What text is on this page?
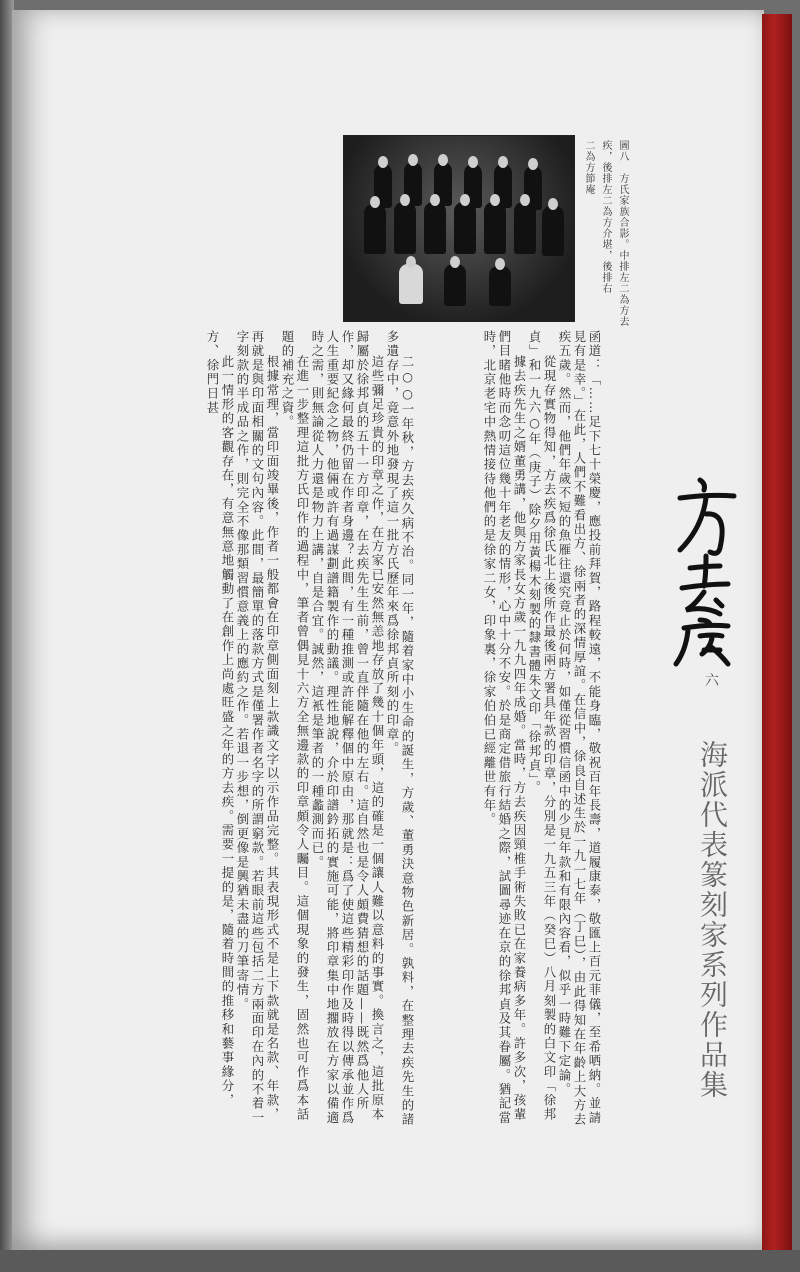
圖八　方氏家族合影。中排左二為方去
疾，後排左二為方介堪，後排右
二為方節庵

函道：「……足下七十榮慶，應投前拜賀，路程較遠，不能身臨，敬祝百年長壽，道履康泰，敬匯上百元菲儀，至希哂納。並請見有是幸。」在此，人們不難看出方、徐兩者的深情厚誼。在信中，徐良自述生於一九一七年（丁巳），由此得知在年齡上大方去疾五歲。然而，他們年歲不短的魚雁往還究竟止於何時，如僅從習慣信函中的少見年款和有限內容看，似乎一時難下定論。

從現存實物得知，方去疾爲徐氏北上後所作最後兩方署具年款的印章，分別是一九五三年（癸巳）八月刻製的白文印「徐邦貞」和一九六○年（庚子）除夕用黃楊木刻製的隸書體朱文印「徐邦貞」。

據去疾先生之婿董勇講，他與方家長女方歲一九九四年成婚。當時，方去疾因頸椎手術失敗已在家養病多年。許多次，孩輩們目睹他時而念叨這位幾十年老友的情形，心中十分不安。於是商定借旅行結婚之際，試圖尋迹在京的徐邦貞及其眷屬。猶記當時，北京老宅中熱情接待他們的是徐家二女，印象裏，徐家伯伯已經離世有年。

二○○一年秋，方去疾久病不治。同一年，隨着家中小生命的誕生，方歲、董勇決意物色新居。孰料，在整理去疾先生的諸多遺存中，竟意外地發現了這一批方氏歷年來爲徐邦貞所刻的印章。

這些彌足珍貴的印章之作，在方家已安然無恙地存放了幾十個年頭，這的確是一個讓人難以意料的事實。換言之，這批原本歸屬於徐邦貞的五十一方印章，在去疾先生生前，曾一直伴隨在他的左右。這自然也是令人頗費猜想的話題——既然爲他人所作，却又緣何最終仍留在作者身邊？此間，有一種推測或許能解釋個中原由，那就是：爲了使這些精彩印作及時得以傳承並作爲人生重要紀念之物，他倆或許有過謀劃譜籍製作的動議。理性地說，介於印譜鈐拓的實施可能，將印章集中地擱放在方家以備適時之需，則無論從人力還是物力上講，自是合宜。誠然，這衹是筆者的一種蠡測而已。

在進一步整理這批方氏印作的過程中，筆者曾偶見十六方全無邊款的印章頗令人矚目。這個現象的發生，固然也可作爲本話題的補充之資。

根據常理，當印面竣畢後，作者一般都會在印章側面刻上款識文字以示作品完整。其表現形式不是上下款就是名款、年款，再就是與印面相關的文句內容。此間，最簡單的落款方式是僅署作者名字的所謂窮款。若眼前這些包括二方兩面印在內的不着一字刻款的半成品之作，則完全不像那類習慣意義上的應約之作。若退一步想，倒更像是興猶未盡的刀筆寄情。

此一情形的客觀存在，有意無意地觸動了在創作上尚處旺盛之年的方去疾。需要一提的是，隨着時間的推移和藝事緣分，方、徐門日甚

六
海派代表篆刻家系列作品集
